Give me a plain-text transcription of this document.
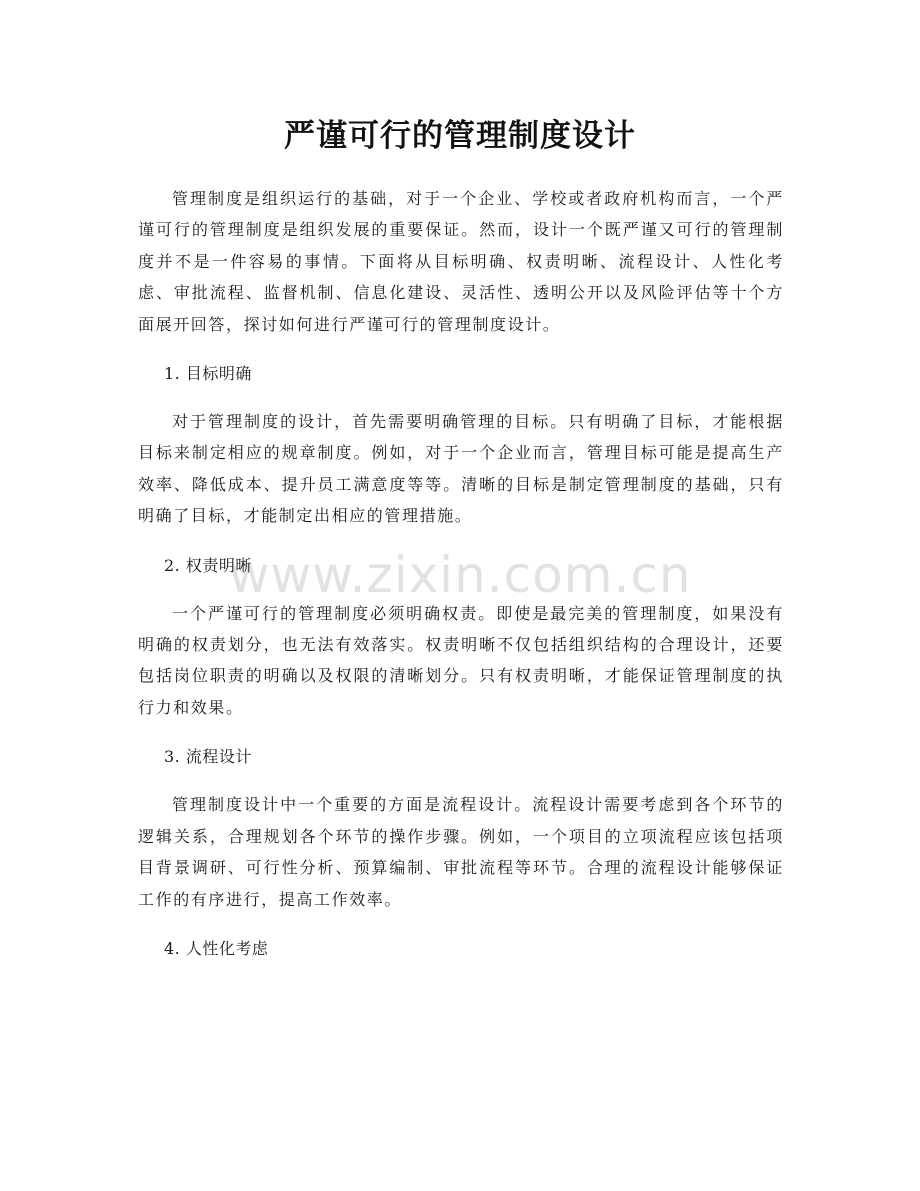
严谨可行的管理制度设计
www.zixin.com.cn

管理制度是组织运行的基础，对于一个企业、学校或者政府机构而言，一个严谨可行的管理制度是组织发展的重要保证。然而，设计一个既严谨又可行的管理制度并不是一件容易的事情。下面将从目标明确、权责明晰、流程设计、人性化考虑、审批流程、监督机制、信息化建设、灵活性、透明公开以及风险评估等十个方面展开回答，探讨如何进行严谨可行的管理制度设计。

1. 目标明确

对于管理制度的设计，首先需要明确管理的目标。只有明确了目标，才能根据目标来制定相应的规章制度。例如，对于一个企业而言，管理目标可能是提高生产效率、降低成本、提升员工满意度等等。清晰的目标是制定管理制度的基础，只有明确了目标，才能制定出相应的管理措施。

2. 权责明晰

一个严谨可行的管理制度必须明确权责。即使是最完美的管理制度，如果没有明确的权责划分，也无法有效落实。权责明晰不仅包括组织结构的合理设计，还要包括岗位职责的明确以及权限的清晰划分。只有权责明晰，才能保证管理制度的执行力和效果。

3. 流程设计

管理制度设计中一个重要的方面是流程设计。流程设计需要考虑到各个环节的逻辑关系，合理规划各个环节的操作步骤。例如，一个项目的立项流程应该包括项目背景调研、可行性分析、预算编制、审批流程等环节。合理的流程设计能够保证工作的有序进行，提高工作效率。

4. 人性化考虑
